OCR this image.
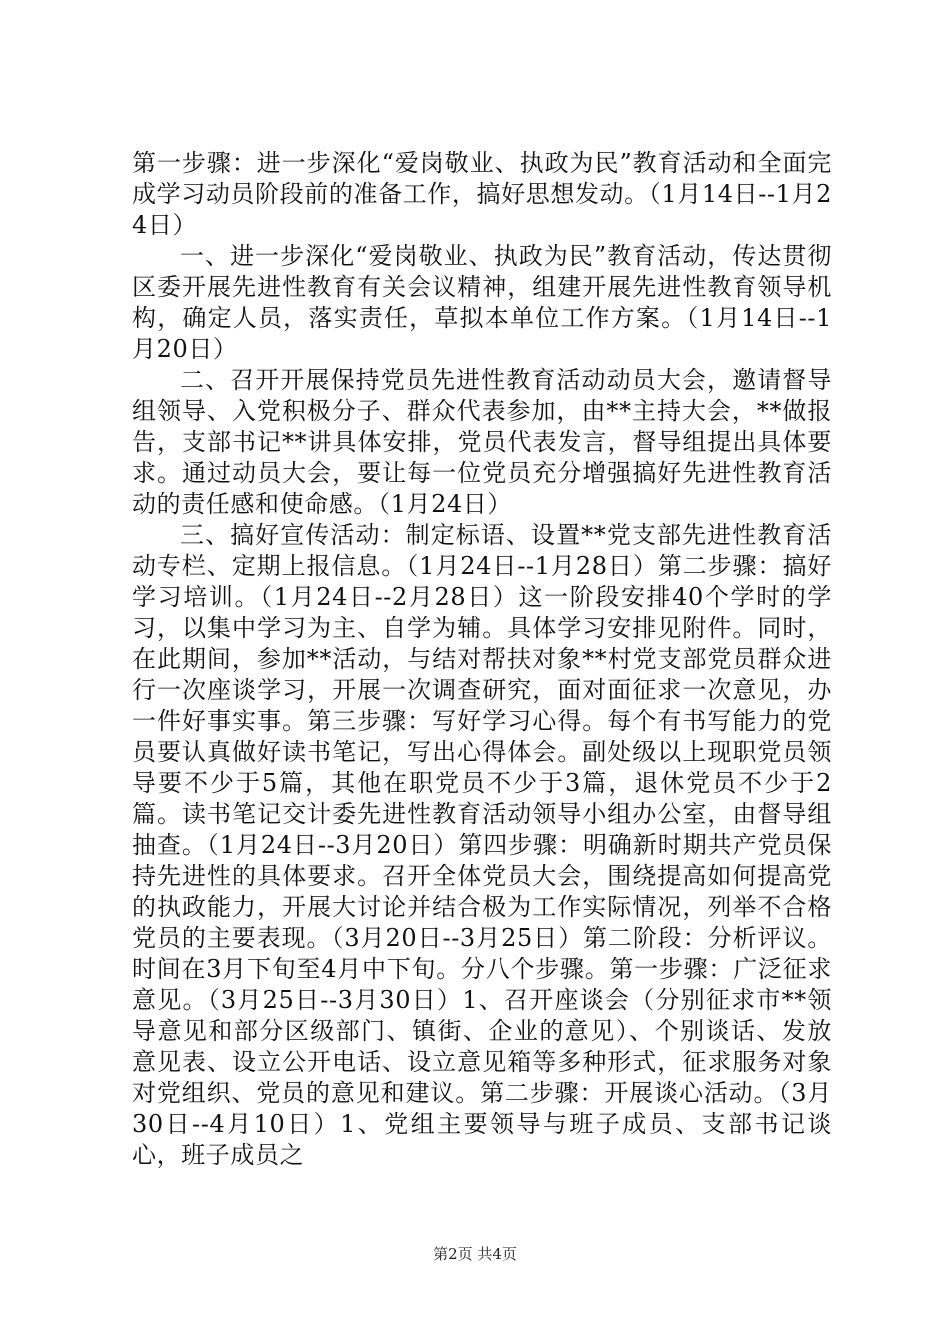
第一步骤：进一步深化“爱岗敬业、执政为民”教育活动和全面完成学习动员阶段前的准备工作，搞好思想发动。（1月14日--1月24日）

一、进一步深化“爱岗敬业、执政为民”教育活动，传达贯彻区委开展先进性教育有关会议精神，组建开展先进性教育领导机构，确定人员，落实责任，草拟本单位工作方案。（1月14日--1月20日）

二、召开开展保持党员先进性教育活动动员大会，邀请督导组领导、入党积极分子、群众代表参加，由**主持大会，**做报告，支部书记**讲具体安排，党员代表发言，督导组提出具体要求。通过动员大会，要让每一位党员充分增强搞好先进性教育活动的责任感和使命感。（1月24日）

三、搞好宣传活动：制定标语、设置**党支部先进性教育活动专栏、定期上报信息。（1月24日--1月28日）第二步骤：搞好学习培训。（1月24日--2月28日）这一阶段安排40个学时的学习，以集中学习为主、自学为辅。具体学习安排见附件。同时，在此期间，参加**活动，与结对帮扶对象**村党支部党员群众进行一次座谈学习，开展一次调查研究，面对面征求一次意见，办一件好事实事。第三步骤：写好学习心得。每个有书写能力的党员要认真做好读书笔记，写出心得体会。副处级以上现职党员领导要不少于5篇，其他在职党员不少于3篇，退休党员不少于2篇。读书笔记交计委先进性教育活动领导小组办公室，由督导组抽查。（1月24日--3月20日）第四步骤：明确新时期共产党员保持先进性的具体要求。召开全体党员大会，围绕提高如何提高党的执政能力，开展大讨论并结合极为工作实际情况，列举不合格党员的主要表现。（3月20日--3月25日）第二阶段：分析评议。时间在3月下旬至4月中下旬。分八个步骤。第一步骤：广泛征求意见。（3月25日--3月30日）1、召开座谈会（分别征求市**领导意见和部分区级部门、镇街、企业的意见）、个别谈话、发放意见表、设立公开电话、设立意见箱等多种形式，征求服务对象对党组织、党员的意见和建议。第二步骤：开展谈心活动。（3月30日--4月10日）1、党组主要领导与班子成员、支部书记谈心，班子成员之

第2页 共4页
